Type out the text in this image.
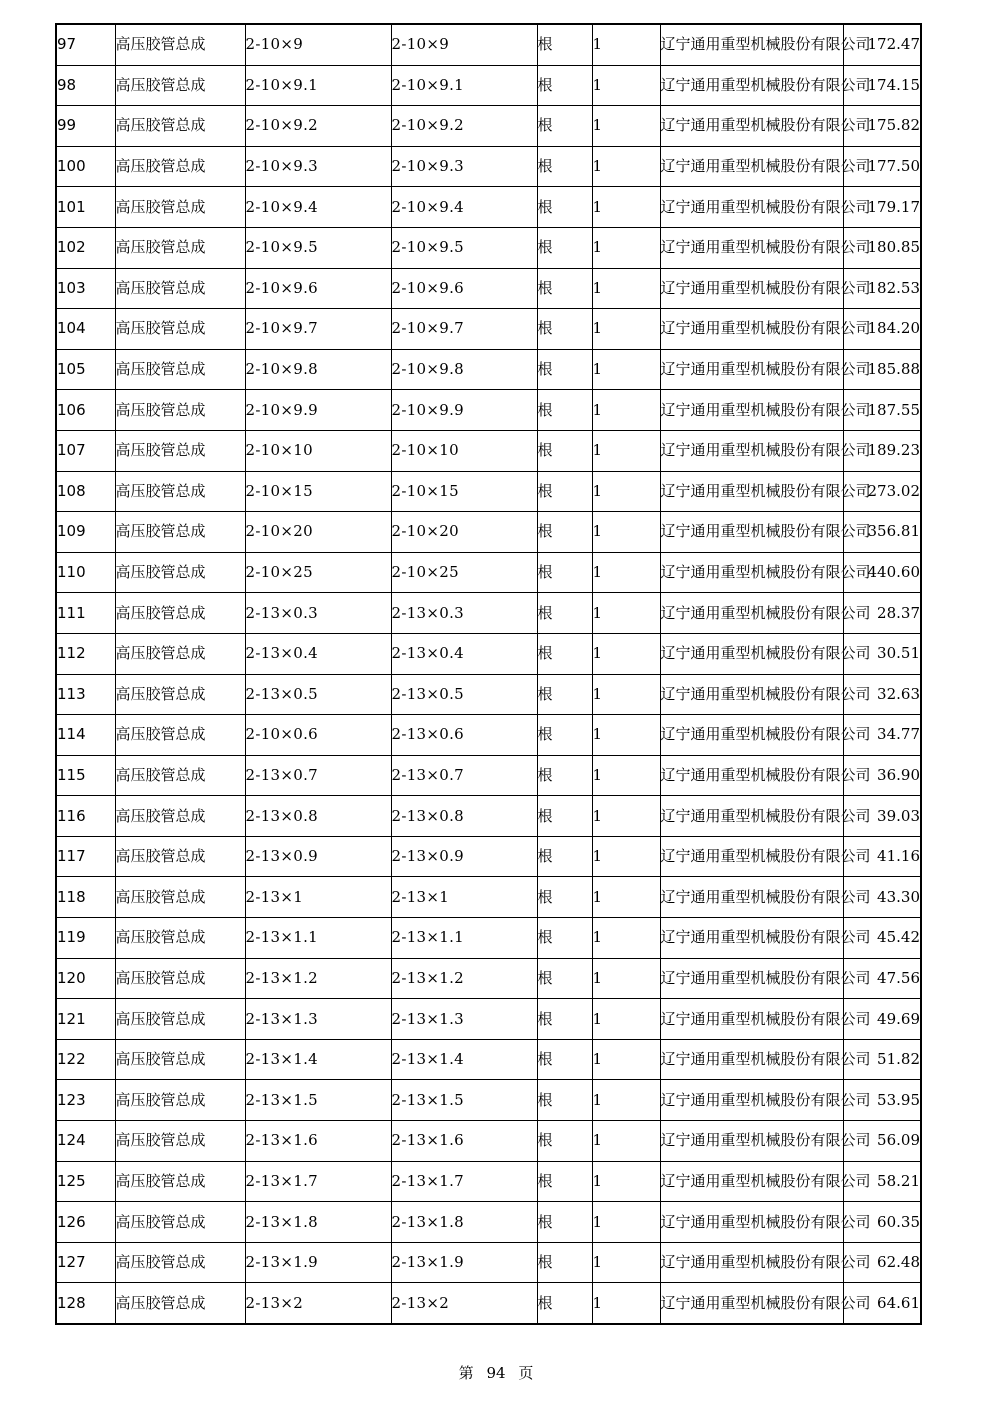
97	高压胶管总成	2-10×9	2-10×9	根	1	辽宁通用重型机械股份有限公司	172.47
98	高压胶管总成	2-10×9.1	2-10×9.1	根	1	辽宁通用重型机械股份有限公司	174.15
99	高压胶管总成	2-10×9.2	2-10×9.2	根	1	辽宁通用重型机械股份有限公司	175.82
100	高压胶管总成	2-10×9.3	2-10×9.3	根	1	辽宁通用重型机械股份有限公司	177.50
101	高压胶管总成	2-10×9.4	2-10×9.4	根	1	辽宁通用重型机械股份有限公司	179.17
102	高压胶管总成	2-10×9.5	2-10×9.5	根	1	辽宁通用重型机械股份有限公司	180.85
103	高压胶管总成	2-10×9.6	2-10×9.6	根	1	辽宁通用重型机械股份有限公司	182.53
104	高压胶管总成	2-10×9.7	2-10×9.7	根	1	辽宁通用重型机械股份有限公司	184.20
105	高压胶管总成	2-10×9.8	2-10×9.8	根	1	辽宁通用重型机械股份有限公司	185.88
106	高压胶管总成	2-10×9.9	2-10×9.9	根	1	辽宁通用重型机械股份有限公司	187.55
107	高压胶管总成	2-10×10	2-10×10	根	1	辽宁通用重型机械股份有限公司	189.23
108	高压胶管总成	2-10×15	2-10×15	根	1	辽宁通用重型机械股份有限公司	273.02
109	高压胶管总成	2-10×20	2-10×20	根	1	辽宁通用重型机械股份有限公司	356.81
110	高压胶管总成	2-10×25	2-10×25	根	1	辽宁通用重型机械股份有限公司	440.60
111	高压胶管总成	2-13×0.3	2-13×0.3	根	1	辽宁通用重型机械股份有限公司	28.37
112	高压胶管总成	2-13×0.4	2-13×0.4	根	1	辽宁通用重型机械股份有限公司	30.51
113	高压胶管总成	2-13×0.5	2-13×0.5	根	1	辽宁通用重型机械股份有限公司	32.63
114	高压胶管总成	2-10×0.6	2-13×0.6	根	1	辽宁通用重型机械股份有限公司	34.77
115	高压胶管总成	2-13×0.7	2-13×0.7	根	1	辽宁通用重型机械股份有限公司	36.90
116	高压胶管总成	2-13×0.8	2-13×0.8	根	1	辽宁通用重型机械股份有限公司	39.03
117	高压胶管总成	2-13×0.9	2-13×0.9	根	1	辽宁通用重型机械股份有限公司	41.16
118	高压胶管总成	2-13×1	2-13×1	根	1	辽宁通用重型机械股份有限公司	43.30
119	高压胶管总成	2-13×1.1	2-13×1.1	根	1	辽宁通用重型机械股份有限公司	45.42
120	高压胶管总成	2-13×1.2	2-13×1.2	根	1	辽宁通用重型机械股份有限公司	47.56
121	高压胶管总成	2-13×1.3	2-13×1.3	根	1	辽宁通用重型机械股份有限公司	49.69
122	高压胶管总成	2-13×1.4	2-13×1.4	根	1	辽宁通用重型机械股份有限公司	51.82
123	高压胶管总成	2-13×1.5	2-13×1.5	根	1	辽宁通用重型机械股份有限公司	53.95
124	高压胶管总成	2-13×1.6	2-13×1.6	根	1	辽宁通用重型机械股份有限公司	56.09
125	高压胶管总成	2-13×1.7	2-13×1.7	根	1	辽宁通用重型机械股份有限公司	58.21
126	高压胶管总成	2-13×1.8	2-13×1.8	根	1	辽宁通用重型机械股份有限公司	60.35
127	高压胶管总成	2-13×1.9	2-13×1.9	根	1	辽宁通用重型机械股份有限公司	62.48
128	高压胶管总成	2-13×2	2-13×2	根	1	辽宁通用重型机械股份有限公司	64.61
第 94 页
